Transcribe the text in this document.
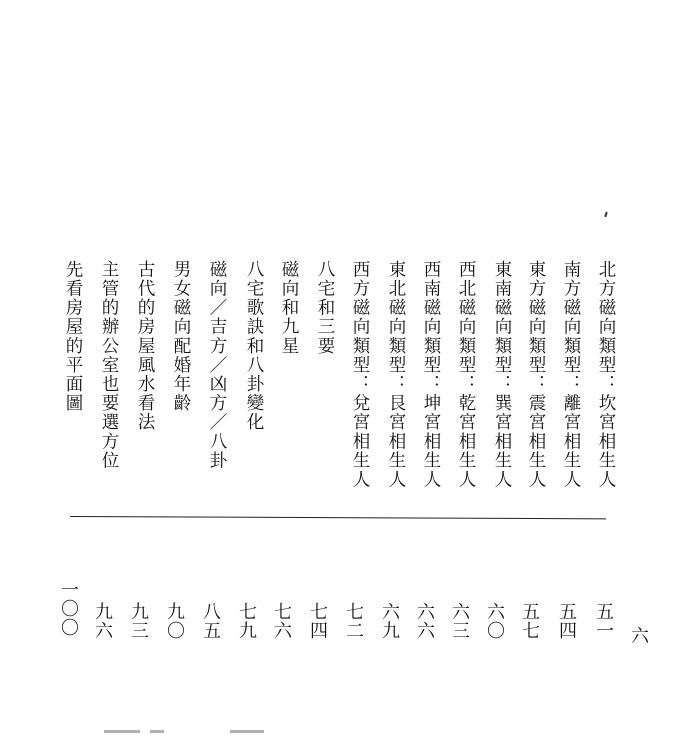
北方磁向類型：坎宮相生人
南方磁向類型：離宮相生人
東方磁向類型：震宮相生人
東南磁向類型：巽宮相生人
西北磁向類型：乾宮相生人
西南磁向類型：坤宮相生人
東北磁向類型：艮宮相生人
西方磁向類型：兌宮相生人
八宅和三要
磁向和九星
八宅歌訣和八卦變化
磁向／吉方／凶方／八卦
男女磁向配婚年齡
古代的房屋風水看法
主管的辦公室也要選方位
先看房屋的平面圖
五一
五四
五七
六〇
六三
六六
六九
七二
七四
七六
七九
八五
九〇
九三
九六
一〇〇	六
